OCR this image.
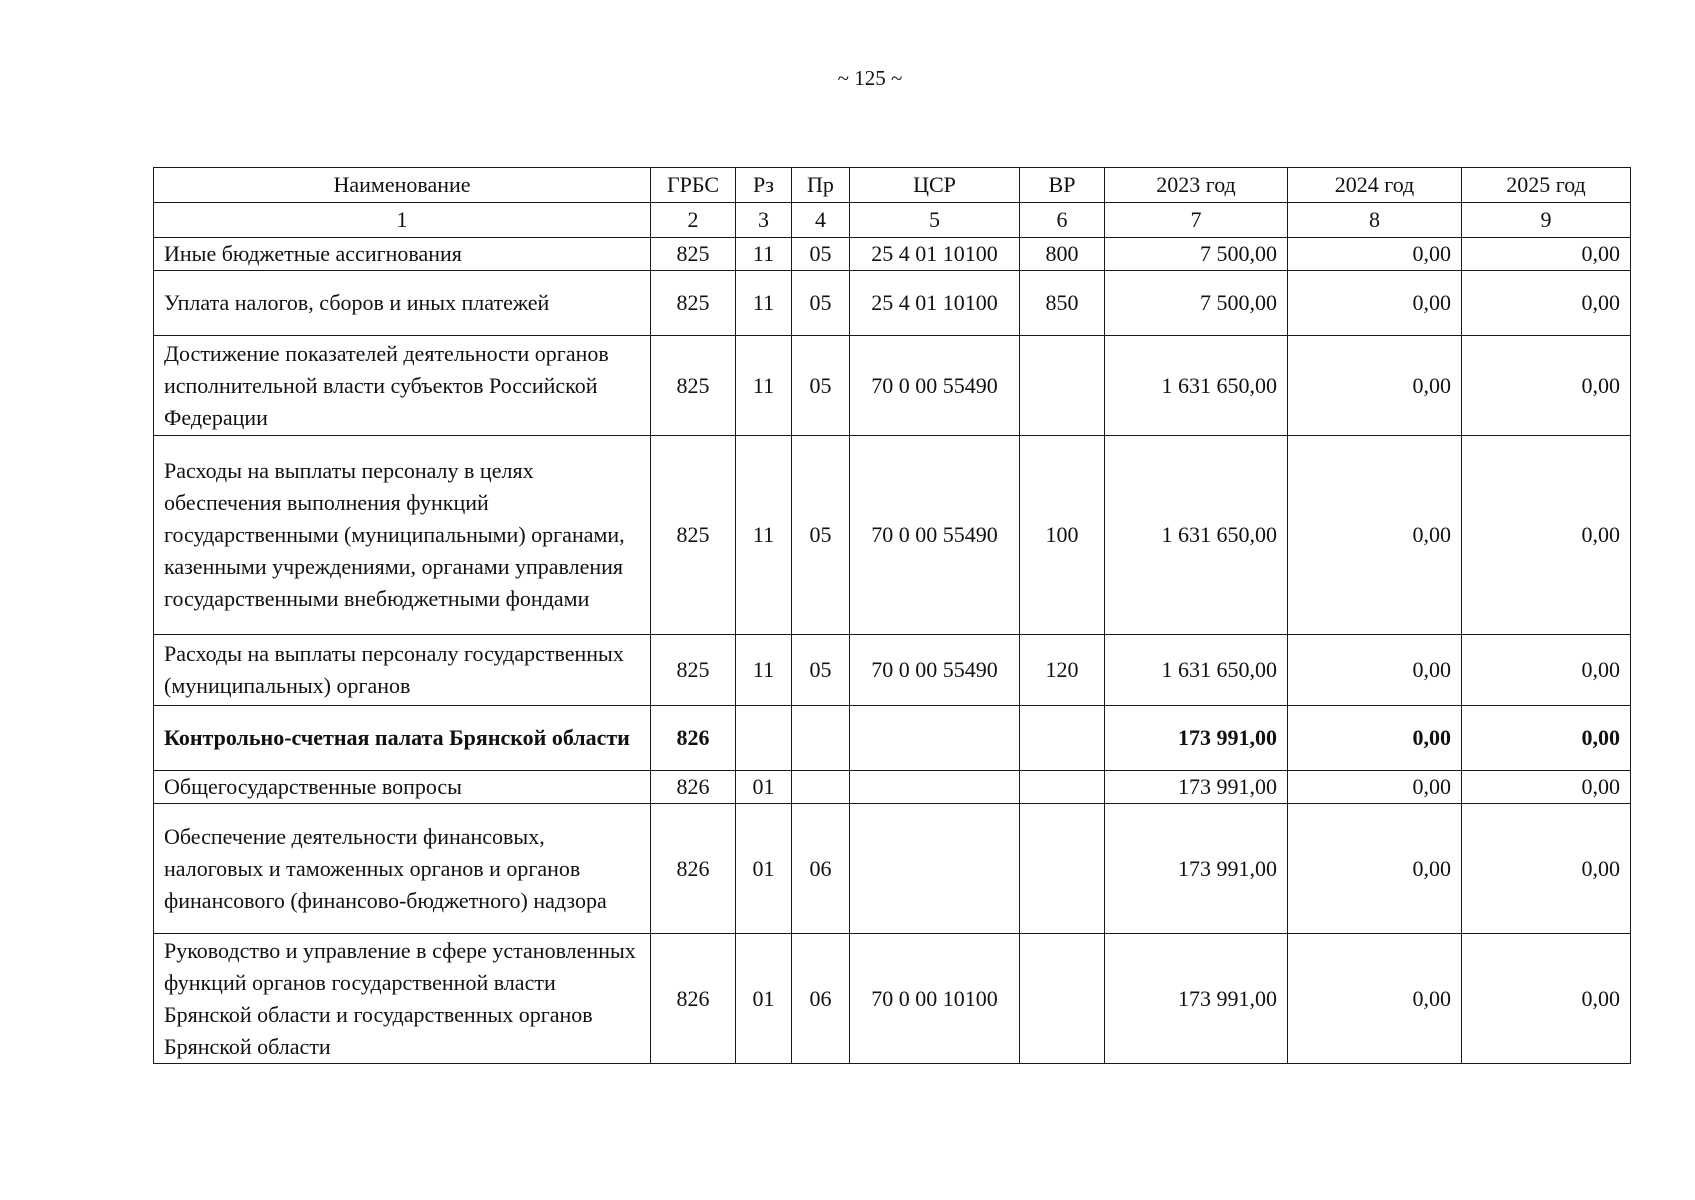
~ 125 ~
Наименование	ГРБС	Рз	Пр	ЦСР	ВР	2023 год	2024 год	2025 год
1	2	3	4	5	6	7	8	9
Иные бюджетные ассигнования	825	11	05	25 4 01 10100	800	7 500,00	0,00	0,00
Уплата налогов, сборов и иных платежей	825	11	05	25 4 01 10100	850	7 500,00	0,00	0,00
Достижение показателей деятельности органов исполнительной власти субъектов Российской Федерации	825	11	05	70 0 00 55490		1 631 650,00	0,00	0,00
Расходы на выплаты персоналу в целях обеспечения выполнения функций государственными (муниципальными) органами, казенными учреждениями, органами управления государственными внебюджетными фондами	825	11	05	70 0 00 55490	100	1 631 650,00	0,00	0,00
Расходы на выплаты персоналу государственных (муниципальных) органов	825	11	05	70 0 00 55490	120	1 631 650,00	0,00	0,00
Контрольно-счетная палата Брянской области	826					173 991,00	0,00	0,00
Общегосударственные вопросы	826	01				173 991,00	0,00	0,00
Обеспечение деятельности финансовых, налоговых и таможенных органов и органов финансового (финансово-бюджетного) надзора	826	01	06			173 991,00	0,00	0,00
Руководство и управление в сфере установленных функций органов государственной власти Брянской области и государственных органов Брянской области	826	01	06	70 0 00 10100		173 991,00	0,00	0,00
